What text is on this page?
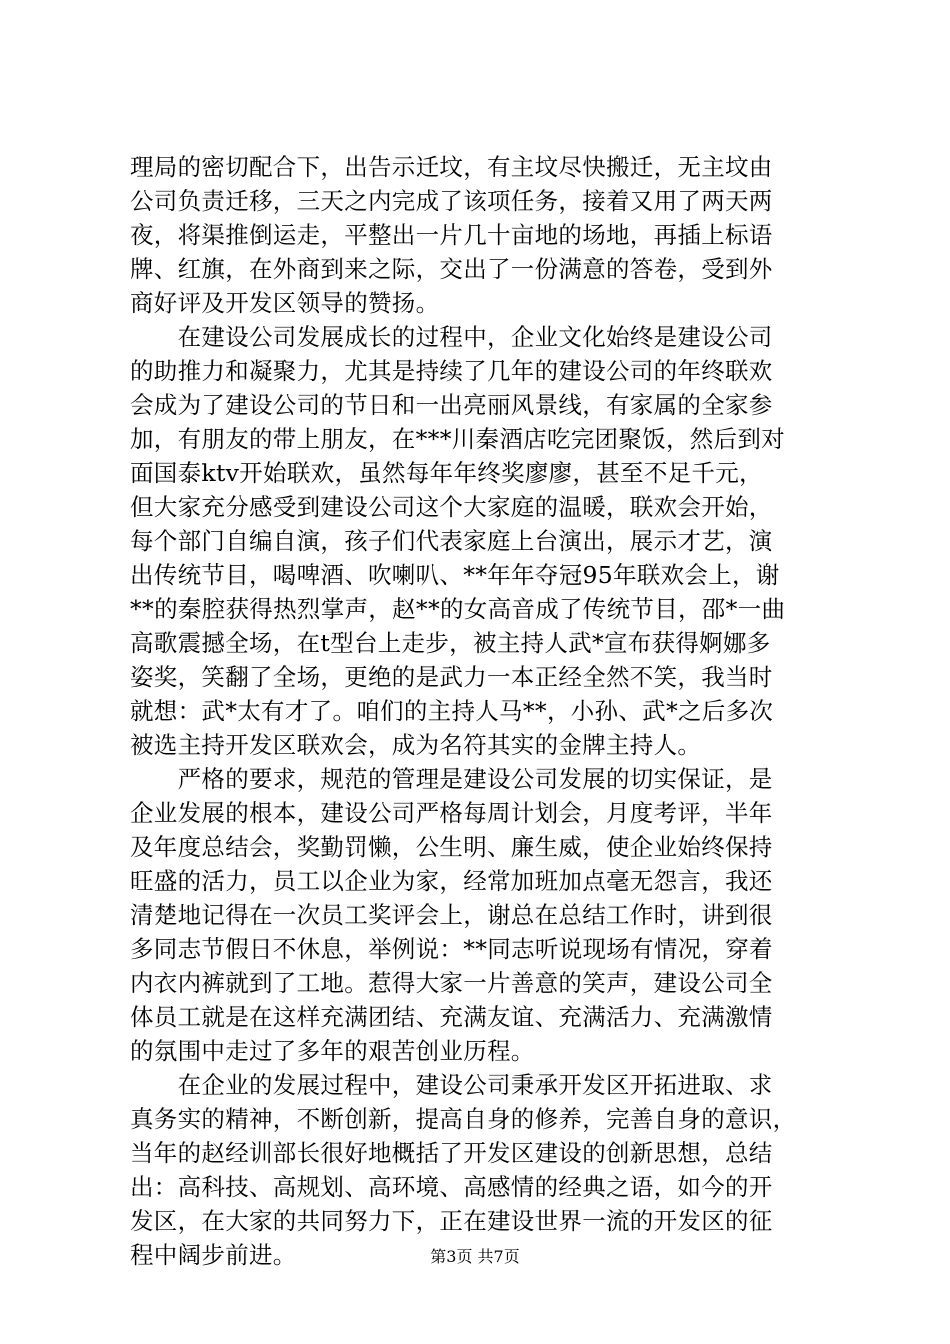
理局的密切配合下，出告示迁坟，有主坟尽快搬迁，无主坟由
公司负责迁移，三天之内完成了该项任务，接着又用了两天两
夜，将渠推倒运走，平整出一片几十亩地的场地，再插上标语
牌、红旗，在外商到来之际，交出了一份满意的答卷，受到外
商好评及开发区领导的赞扬。
　　在建设公司发展成长的过程中，企业文化始终是建设公司
的助推力和凝聚力，尤其是持续了几年的建设公司的年终联欢
会成为了建设公司的节日和一出亮丽风景线，有家属的全家参
加，有朋友的带上朋友，在***川秦酒店吃完团聚饭，然后到对
面国泰ktv开始联欢，虽然每年年终奖廖廖，甚至不足千元，
但大家充分感受到建设公司这个大家庭的温暖，联欢会开始，
每个部门自编自演，孩子们代表家庭上台演出，展示才艺，演
出传统节目，喝啤酒、吹喇叭、**年年夺冠95年联欢会上，谢
**的秦腔获得热烈掌声，赵**的女高音成了传统节目，邵*一曲
高歌震撼全场，在t型台上走步，被主持人武*宣布获得婀娜多
姿奖，笑翻了全场，更绝的是武力一本正经全然不笑，我当时
就想：武*太有才了。咱们的主持人马**，小孙、武*之后多次
被选主持开发区联欢会，成为名符其实的金牌主持人。
　　严格的要求，规范的管理是建设公司发展的切实保证，是
企业发展的根本，建设公司严格每周计划会，月度考评，半年
及年度总结会，奖勤罚懒，公生明、廉生威，使企业始终保持
旺盛的活力，员工以企业为家，经常加班加点毫无怨言，我还
清楚地记得在一次员工奖评会上，谢总在总结工作时，讲到很
多同志节假日不休息，举例说：**同志听说现场有情况，穿着
内衣内裤就到了工地。惹得大家一片善意的笑声，建设公司全
体员工就是在这样充满团结、充满友谊、充满活力、充满激情
的氛围中走过了多年的艰苦创业历程。
　　在企业的发展过程中，建设公司秉承开发区开拓进取、求
真务实的精神，不断创新，提高自身的修养，完善自身的意识，
当年的赵经训部长很好地概括了开发区建设的创新思想，总结
出：高科技、高规划、高环境、高感情的经典之语，如今的开
发区，在大家的共同努力下，正在建设世界一流的开发区的征
程中阔步前进。	第3页 共7页
